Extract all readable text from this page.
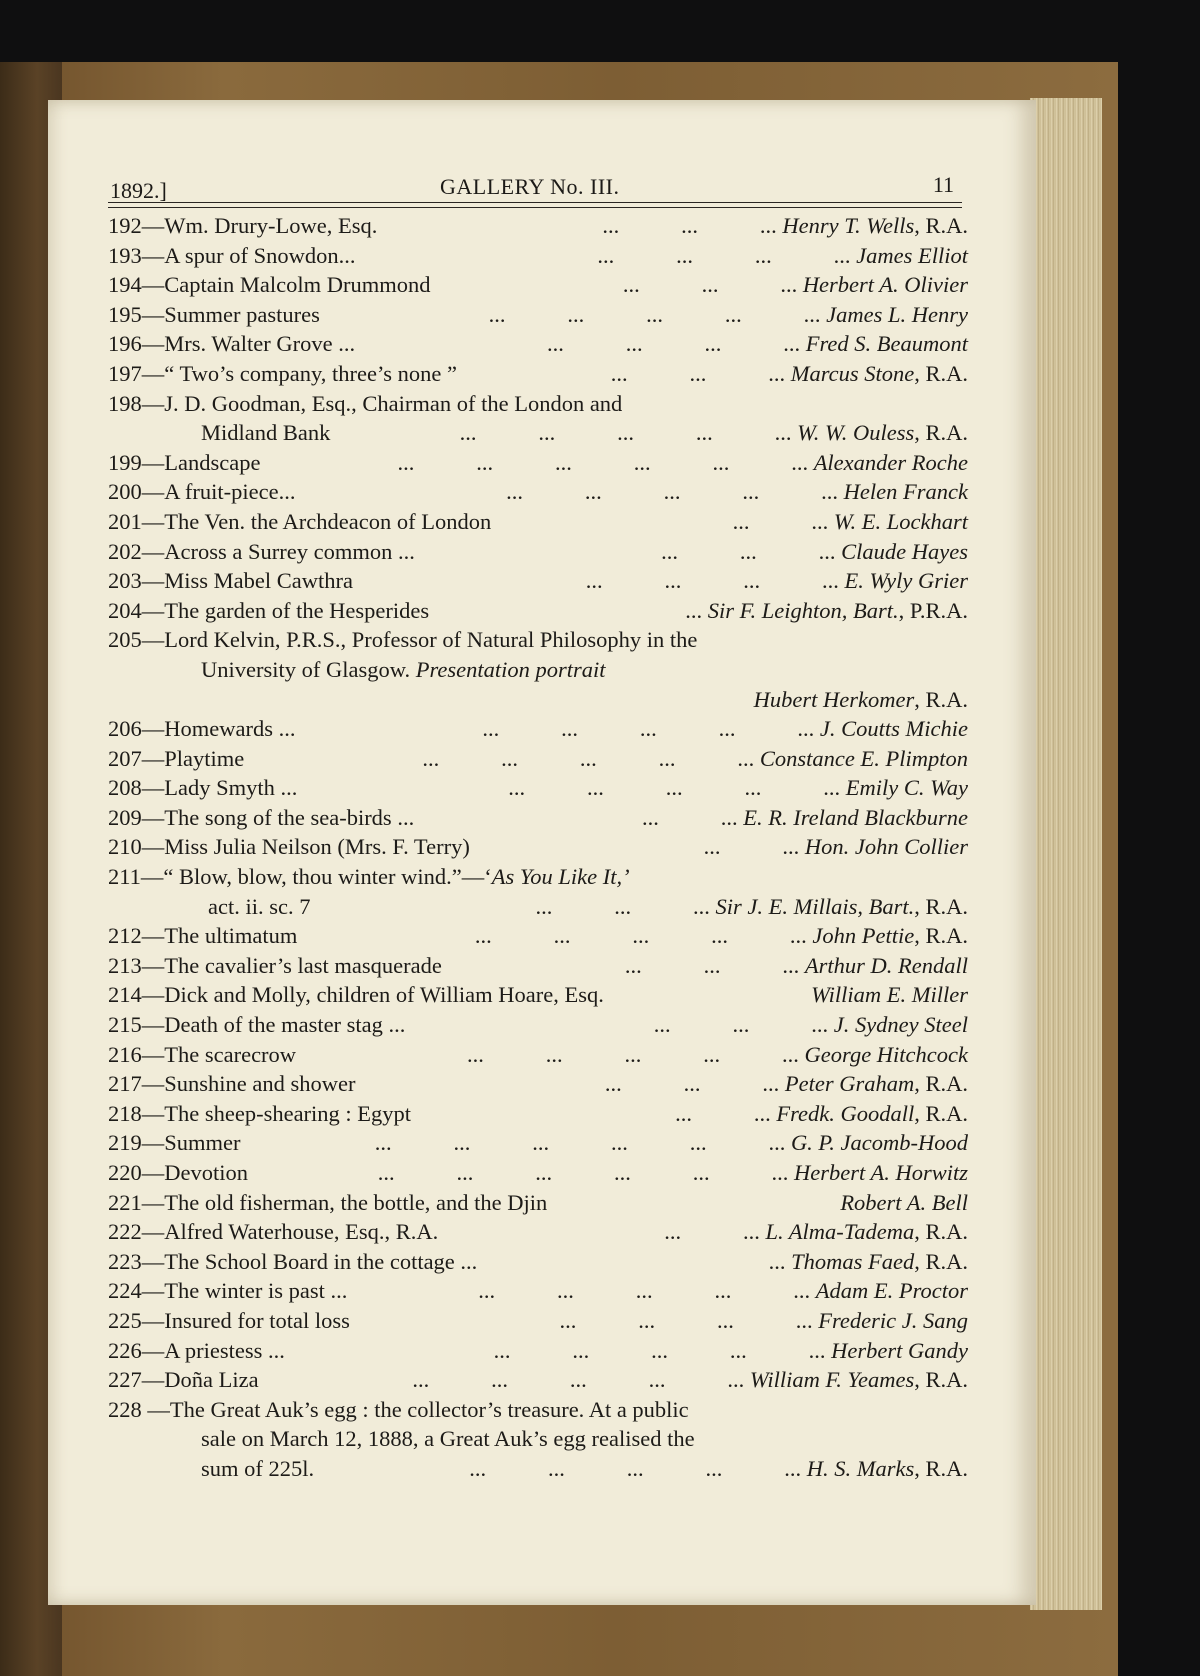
1892.]	GALLERY No. III.	11
192—Wm. Drury-Lowe, Esq.	...           ...           ... Henry T. Wells, R.A.
193—A spur of Snowdon...	...           ...           ...           ... James Elliot
194—Captain Malcolm Drummond	...           ...           ... Herbert A. Olivier
195—Summer pastures	...           ...           ...           ...           ... James L. Henry
196—Mrs. Walter Grove ...	...           ...           ...           ... Fred S. Beaumont
197—“ Two’s company, three’s none ”	...           ...           ... Marcus Stone, R.A.
198—J. D. Goodman, Esq., Chairman of the London and
Midland Bank	...           ...           ...           ...           ... W. W. Ouless, R.A.
199—Landscape	...           ...           ...           ...           ...           ... Alexander Roche
200—A fruit-piece...	...           ...           ...           ...           ... Helen Franck
201—The Ven. the Archdeacon of London	...           ... W. E. Lockhart
202—Across a Surrey common ...	...           ...           ... Claude Hayes
203—Miss Mabel Cawthra	...           ...           ...           ... E. Wyly Grier
204—The garden of the Hesperides	... Sir F. Leighton, Bart., P.R.A.
205—Lord Kelvin, P.R.S., Professor of Natural Philosophy in the
University of Glasgow. Presentation portrait
Hubert Herkomer, R.A.
206—Homewards ...	...           ...           ...           ...           ... J. Coutts Michie
207—Playtime	...           ...           ...           ...           ... Constance E. Plimpton
208—Lady Smyth ...	...           ...           ...           ...           ... Emily C. Way
209—The song of the sea-birds ...	...           ... E. R. Ireland Blackburne
210—Miss Julia Neilson (Mrs. F. Terry)	...           ... Hon. John Collier
211—“ Blow, blow, thou winter wind.”—‘As You Like It,’
act. ii. sc. 7	...           ...           ... Sir J. E. Millais, Bart., R.A.
212—The ultimatum	...           ...           ...           ...           ... John Pettie, R.A.
213—The cavalier’s last masquerade	...           ...           ... Arthur D. Rendall
214—Dick and Molly, children of William Hoare, Esq.	William E. Miller
215—Death of the master stag ...	...           ...           ... J. Sydney Steel
216—The scarecrow	...           ...           ...           ...           ... George Hitchcock
217—Sunshine and shower	...           ...           ... Peter Graham, R.A.
218—The sheep-shearing : Egypt	...           ... Fredk. Goodall, R.A.
219—Summer	...           ...           ...           ...           ...           ... G. P. Jacomb-Hood
220—Devotion	...           ...           ...           ...           ...           ... Herbert A. Horwitz
221—The old fisherman, the bottle, and the Djin	Robert A. Bell
222—Alfred Waterhouse, Esq., R.A.	...           ... L. Alma-Tadema, R.A.
223—The School Board in the cottage ...	... Thomas Faed, R.A.
224—The winter is past ...	...           ...           ...           ...           ... Adam E. Proctor
225—Insured for total loss	...           ...           ...           ... Frederic J. Sang
226—A priestess ...	...           ...           ...           ...           ... Herbert Gandy
227—Doña Liza	...           ...           ...           ...           ... William F. Yeames, R.A.
228 —The Great Auk’s egg : the collector’s treasure. At a public
sale on March 12, 1888, a Great Auk’s egg realised the
sum of 225l.	...           ...           ...           ...           ... H. S. Marks, R.A.
